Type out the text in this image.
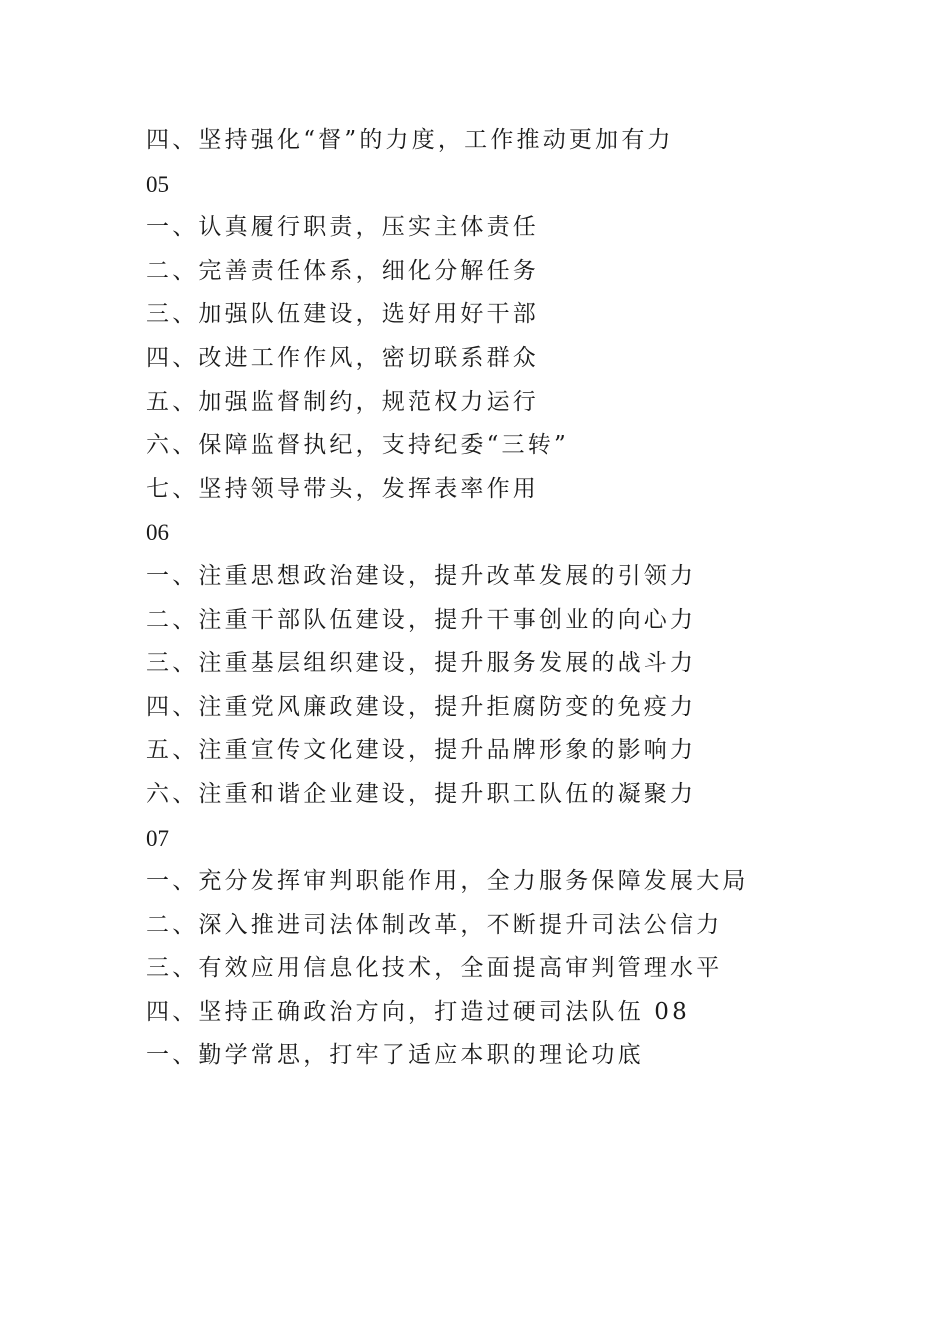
四、坚持强化“督”的力度，工作推动更加有力
05
一、认真履行职责，压实主体责任
二、完善责任体系，细化分解任务
三、加强队伍建设，选好用好干部
四、改进工作作风，密切联系群众
五、加强监督制约，规范权力运行
六、保障监督执纪，支持纪委“三转”
七、坚持领导带头，发挥表率作用
06
一、注重思想政治建设，提升改革发展的引领力
二、注重干部队伍建设，提升干事创业的向心力
三、注重基层组织建设，提升服务发展的战斗力
四、注重党风廉政建设，提升拒腐防变的免疫力
五、注重宣传文化建设，提升品牌形象的影响力
六、注重和谐企业建设，提升职工队伍的凝聚力
07
一、充分发挥审判职能作用，全力服务保障发展大局
二、深入推进司法体制改革，不断提升司法公信力
三、有效应用信息化技术，全面提高审判管理水平
四、坚持正确政治方向，打造过硬司法队伍 08
一、勤学常思，打牢了适应本职的理论功底
